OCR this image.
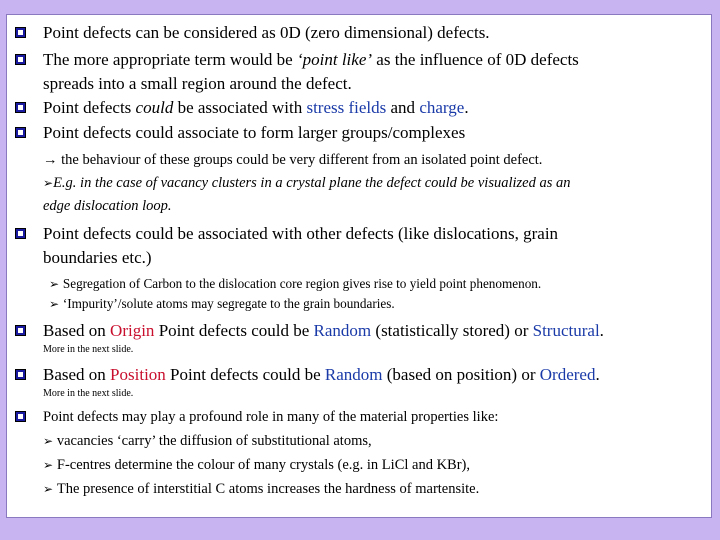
Point defects can be considered as 0D (zero dimensional) defects.
The more appropriate term would be ‘point like’ as the influence of 0D defects
spreads into a small region around the defect.
Point defects could be associated with stress fields and charge.
Point defects could associate to form larger groups/complexes
→ the behaviour of these groups could be very different from an isolated point defect.
➢E.g. in the case of vacancy clusters in a crystal plane the defect could be visualized as an
edge dislocation loop.
Point defects could be associated with other defects (like dislocations, grain
boundaries etc.)
➢ Segregation of Carbon to the dislocation core region gives rise to yield point phenomenon.
➢ ‘Impurity’/solute atoms may segregate to the grain boundaries.
Based on Origin Point defects could be Random (statistically stored) or Structural.
More in the next slide.
Based on Position Point defects could be Random (based on position) or Ordered.
More in the next slide.
Point defects may play a profound role in many of the material properties like:
➢ vacancies ‘carry’ the diffusion of substitutional atoms,
➢ F-centres determine the colour of many crystals (e.g. in LiCl and KBr),
➢ The presence of interstitial C atoms increases the hardness of martensite.
